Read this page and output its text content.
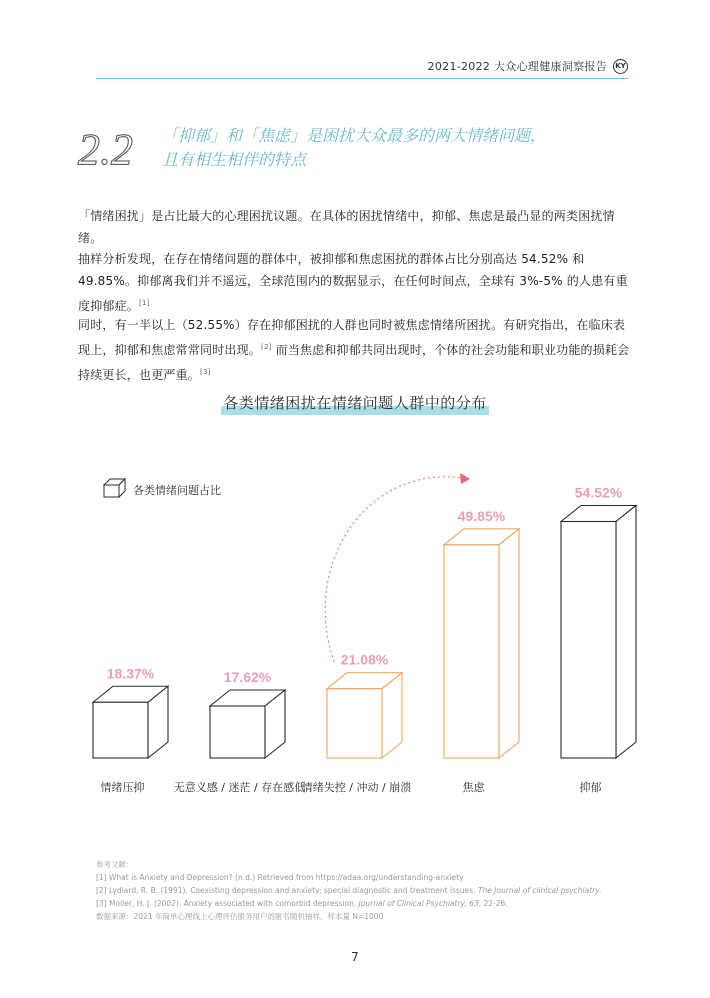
2021-2022 大众心理健康洞察报告	KY
2.2 「抑郁」和「焦虑」是困扰大众最多的两大情绪问题，
且有相生相伴的特点
「情绪困扰」是占比最大的心理困扰议题。在具体的困扰情绪中，抑郁、焦虑是最凸显的两类困扰情绪。
抽样分析发现，在存在情绪问题的群体中，被抑郁和焦虑困扰的群体占比分别高达 54.52% 和 49.85%。抑郁离我们并不遥远，全球范围内的数据显示，在任何时间点，全球有 3%-5% 的人患有重度抑郁症。[1]
同时，有一半以上（52.55%）存在抑郁困扰的人群也同时被焦虑情绪所困扰。有研究指出，在临床表现上，抑郁和焦虑常常同时出现。[2] 而当焦虑和抑郁共同出现时，个体的社会功能和职业功能的损耗会持续更长，也更严重。[3]
各类情绪困扰在情绪问题人群中的分布
各类情绪问题占比
18.37%
情绪压抑
17.62%
无意义感 / 迷茫 / 存在感低
21.08%
情绪失控 / 冲动 / 崩溃
49.85%
焦虑
54.52%
抑郁
参考文献：
[1] What is Anxiety and Depression? (n.d.) Retrieved from https://adaa.org/understanding-anxiety
[2] Lydiard, R. B. (1991). Coexisting depression and anxiety: special diagnostic and treatment issues. The Journal of clinical psychiatry.
[3] Moller, H. J. (2002). Anxiety associated with comorbid depression. Journal of Clinical Psychiatry, 63, 22-26.
数据来源：2021 年简单心理线上心理评估服务用户的匿名随机抽样，样本量 N=1000
7
